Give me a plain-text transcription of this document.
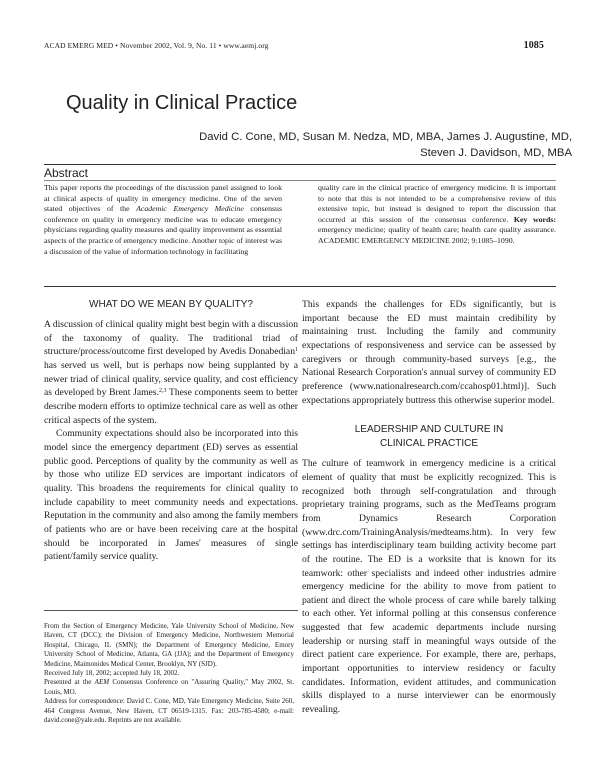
ACAD EMERG MED • November 2002, Vol. 9, No. 11 • www.aemj.org	1085
Quality in Clinical Practice
David C. Cone, MD, Susan M. Nedza, MD, MBA, James J. Augustine, MD,
Steven J. Davidson, MD, MBA
Abstract

This paper reports the proceedings of the discussion panel assigned to look at clinical aspects of quality in emergency medicine. One of the seven stated objectives of the Academic Emergency Medicine consensus conference on quality in emergency medicine was to educate emergency physicians regarding quality measures and quality improvement as essential aspects of the practice of emergency medicine. Another topic of interest was a discussion of the value of information technology in facilitating

quality care in the clinical practice of emergency medicine. It is important to note that this is not intended to be a comprehensive review of this extensive topic, but instead is designed to report the discussion that occurred at this session of the consensus conference. Key words: emergency medicine; quality of health care; health care quality assurance. ACADEMIC EMERGENCY MEDICINE 2002; 9:1085–1090.

WHAT DO WE MEAN BY QUALITY?

A discussion of clinical quality might best begin with a discussion of the taxonomy of quality. The traditional triad of structure/process/outcome first developed by Avedis Donabedian$^1$ has served us well, but is perhaps now being supplanted by a newer triad of clinical quality, service quality, and cost efficiency as developed by Brent James.$^{2,3}$ These components seem to better describe modern efforts to optimize technical care as well as other critical aspects of the system.

Community expectations should also be incorporated into this model since the emergency department (ED) serves as essential public good. Perceptions of quality by the community as well as by those who utilize ED services are important indicators of quality. This broadens the requirements for clinical quality to include capability to meet community needs and expectations. Reputation in the community and also among the family members of patients who are or have been receiving care at the hospital should be incorporated in James' measures of single patient/family service quality.

From the Section of Emergency Medicine, Yale University School of Medicine, New Haven, CT (DCC); the Division of Emergency Medicine, Northwestern Memorial Hospital, Chicago, IL (SMN); the Department of Emergency Medicine, Emory University School of Medicine, Atlanta, GA (JJA); and the Department of Emergency Medicine, Maimonides Medical Center, Brooklyn, NY (SJD).

Received July 18, 2002; accepted July 18, 2002.

Presented at the AEM Consensus Conference on "Assuring Quality," May 2002, St. Louis, MO.

Address for correspondence: David C. Cone, MD, Yale Emergency Medicine, Suite 260, 464 Congress Avenue, New Haven, CT 06519-1315. Fax: 203-785-4580; e-mail: david.cone@yale.edu. Reprints are not available.

This expands the challenges for EDs significantly, but is important because the ED must maintain credibility by maintaining trust. Including the family and community expectations of responsiveness and service can be assessed by caregivers or through community-based surveys [e.g., the National Research Corporation's annual survey of community ED preference (www.nationalresearch.com/ccahosp01.html)]. Such expectations appropriately buttress this otherwise superior model.

LEADERSHIP AND CULTURE IN
CLINICAL PRACTICE

The culture of teamwork in emergency medicine is a critical element of quality that must be explicitly recognized. This is recognized both through self-congratulation and through proprietary training programs, such as the MedTeams program from Dynamics Research Corporation (www.drc.com/TrainingAnalysis/medteams.htm). In very few settings has interdisciplinary team building activity become part of the routine. The ED is a worksite that is known for its teamwork: other specialists and indeed other industries admire emergency medicine for the ability to move from patient to patient and direct the whole process of care while barely talking to each other. Yet informal polling at this consensus conference suggested that few academic departments include nursing leadership or nursing staff in meaningful ways outside of the direct patient care experience. For example, there are, perhaps, important opportunities to interview residency or faculty candidates. Information, evident attitudes, and communication skills displayed to a nurse interviewer can be enormously revealing.
